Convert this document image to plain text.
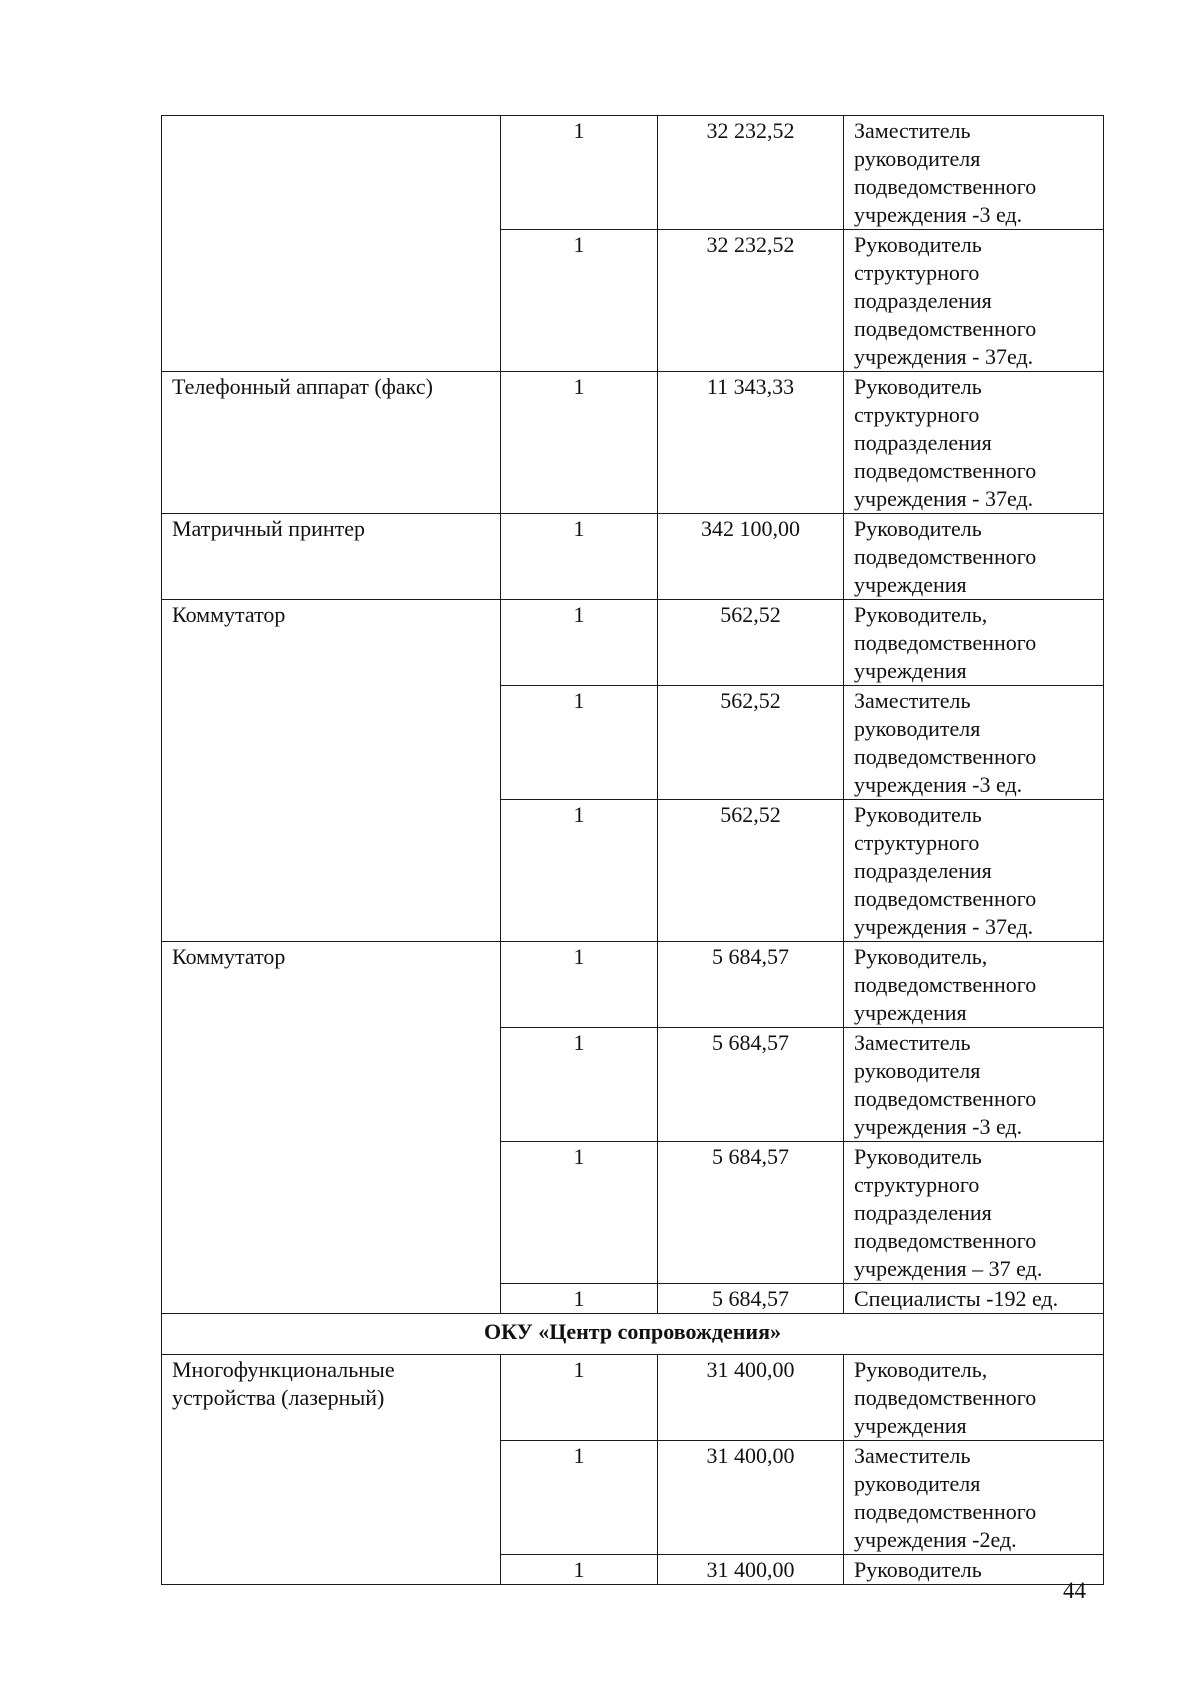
	1	32 232,52	Заместитель
руководителя
подведомственного
учреждения -3 ед.

	1	32 232,52	Руководитель
структурного
подразделения
подведомственного
учреждения - 37ед.

Телефонный аппарат (факс)	1	11 343,33	Руководитель
структурного
подразделения
подведомственного
учреждения - 37ед.

Матричный принтер	1	342 100,00	Руководитель
подведомственного
учреждения

Коммутатор	1	562,52	Руководитель,
подведомственного
учреждения

	1	562,52	Заместитель
руководителя
подведомственного
учреждения -3 ед.

	1	562,52	Руководитель
структурного
подразделения
подведомственного
учреждения - 37ед.

Коммутатор	1	5 684,57	Руководитель,
подведомственного
учреждения

	1	5 684,57	Заместитель
руководителя
подведомственного
учреждения -3 ед.

	1	5 684,57	Руководитель
структурного
подразделения
подведомственного
учреждения – 37 ед.

	1	5 684,57	Специалисты -192 ед.

ОКУ «Центр сопровождения»			
Многофункциональные устройства (лазерный)	1	31 400,00	Руководитель,
подведомственного
учреждения

	1	31 400,00	Заместитель
руководителя
подведомственного
учреждения -2ед.

	1	31 400,00	Руководитель
44
